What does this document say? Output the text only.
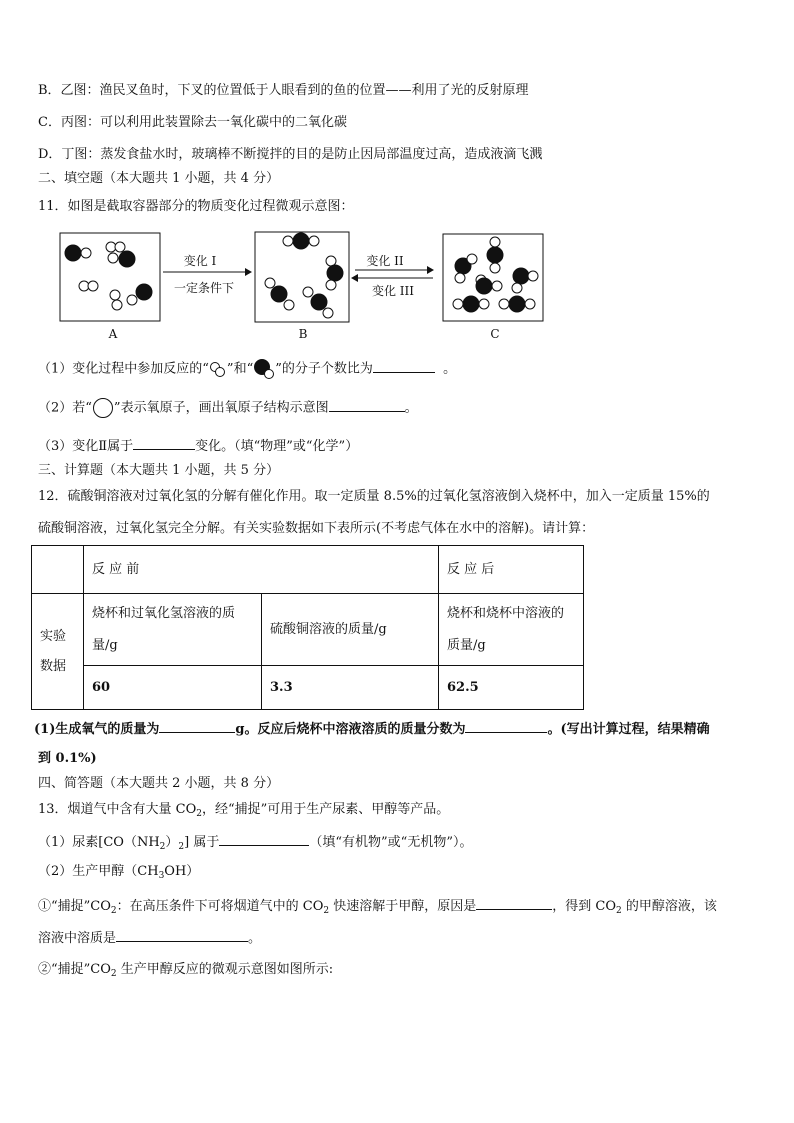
B．乙图：渔民叉鱼时，下叉的位置低于人眼看到的鱼的位置——利用了光的反射原理
C．丙图：可以利用此装置除去一氧化碳中的二氧化碳
D．丁图：蒸发食盐水时，玻璃棒不断搅拌的目的是防止因局部温度过高，造成液滴飞溅
二、填空题（本大题共 1 小题，共 4 分）
11．如图是截取容器部分的物质变化过程微观示意图：
A
变化 I
一定条件下
B
变化 II
变化 III
C
（1）变化过程中参加反应的“ ”和“ ”的分子个数比为	。
（2）若“ ”表示氧原子，画出氧原子结构示意图	。
（3）变化Ⅱ属于	变化。（填“物理”或“化学”）
三、计算题（本大题共 1 小题，共 5 分）
12．硫酸铜溶液对过氧化氢的分解有催化作用。取一定质量 8.5%的过氧化氢溶液倒入烧杯中，加入一定质量 15%的
硫酸铜溶液，过氧化氢完全分解。有关实验数据如下表所示(不考虑气体在水中的溶解)。请计算：
	反 应 前		反 应 后
实验
数据	烧杯和过氧化氢溶液的质
量/g	硫酸铜溶液的质量/g	烧杯和烧杯中溶液的
质量/g
	60	3.3	62.5
(1)生成氧气的质量为	g。反应后烧杯中溶液溶质的质量分数为	。(写出计算过程，结果精确
到 0.1%)
四、简答题（本大题共 2 小题，共 8 分）
13．烟道气中含有大量 $CO_2$，经“捕捉”可用于生产尿素、甲醇等产品。
（1）尿素$[CO(NH_2)_2]$ 属于	（填“有机物”或“无机物”）。
（2）生产甲醇$(CH_3OH)$
①“捕捉$”CO_2$：在高压条件下可将烟道气中的 $CO_2$ 快速溶解于甲醇，原因是	，得到 $CO_2$ 的甲醇溶液，该
溶液中溶质是	。
②“捕捉$”CO_2$ 生产甲醇反应的微观示意图如图所示:
